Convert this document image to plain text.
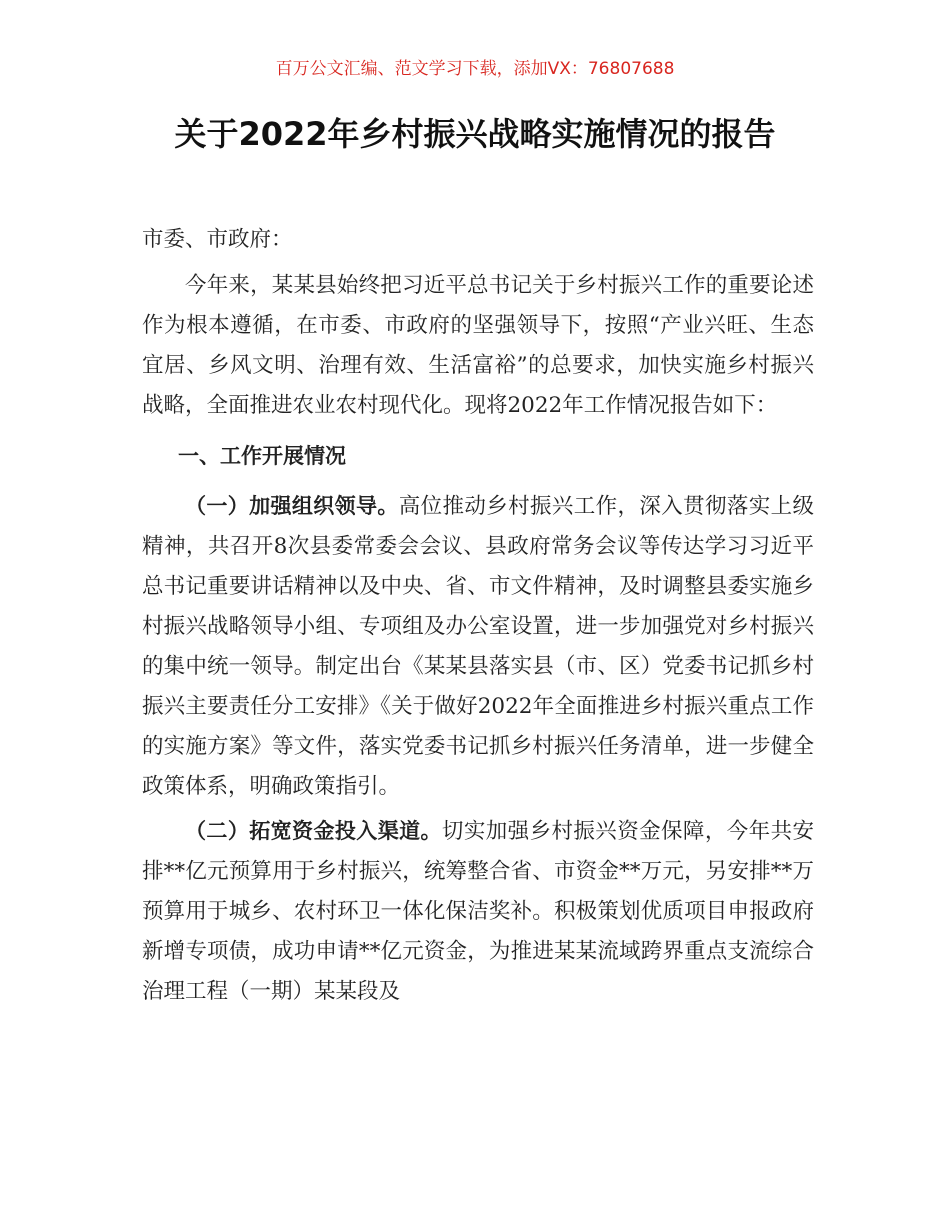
百万公文汇编、范文学习下载，添加VX：76807688
关于2022年乡村振兴战略实施情况的报告

市委、市政府：

今年来，某某县始终把习近平总书记关于乡村振兴工作的重要论述作为根本遵循，在市委、市政府的坚强领导下，按照“产业兴旺、生态宜居、乡风文明、治理有效、生活富裕”的总要求，加快实施乡村振兴战略，全面推进农业农村现代化。现将2022年工作情况报告如下：

一、工作开展情况

（一）加强组织领导。高位推动乡村振兴工作，深入贯彻落实上级精神，共召开8次县委常委会会议、县政府常务会议等传达学习习近平总书记重要讲话精神以及中央、省、市文件精神，及时调整县委实施乡村振兴战略领导小组、专项组及办公室设置，进一步加强党对乡村振兴的集中统一领导。制定出台《某某县落实县（市、区）党委书记抓乡村振兴主要责任分工安排》《关于做好2022年全面推进乡村振兴重点工作的实施方案》等文件，落实党委书记抓乡村振兴任务清单，进一步健全政策体系，明确政策指引。

（二）拓宽资金投入渠道。切实加强乡村振兴资金保障，今年共安排**亿元预算用于乡村振兴，统筹整合省、市资金**万元，另安排**万预算用于城乡、农村环卫一体化保洁奖补。积极策划优质项目申报政府新增专项债，成功申请**亿元资金，为推进某某流域跨界重点支流综合治理工程（一期）某某段及
